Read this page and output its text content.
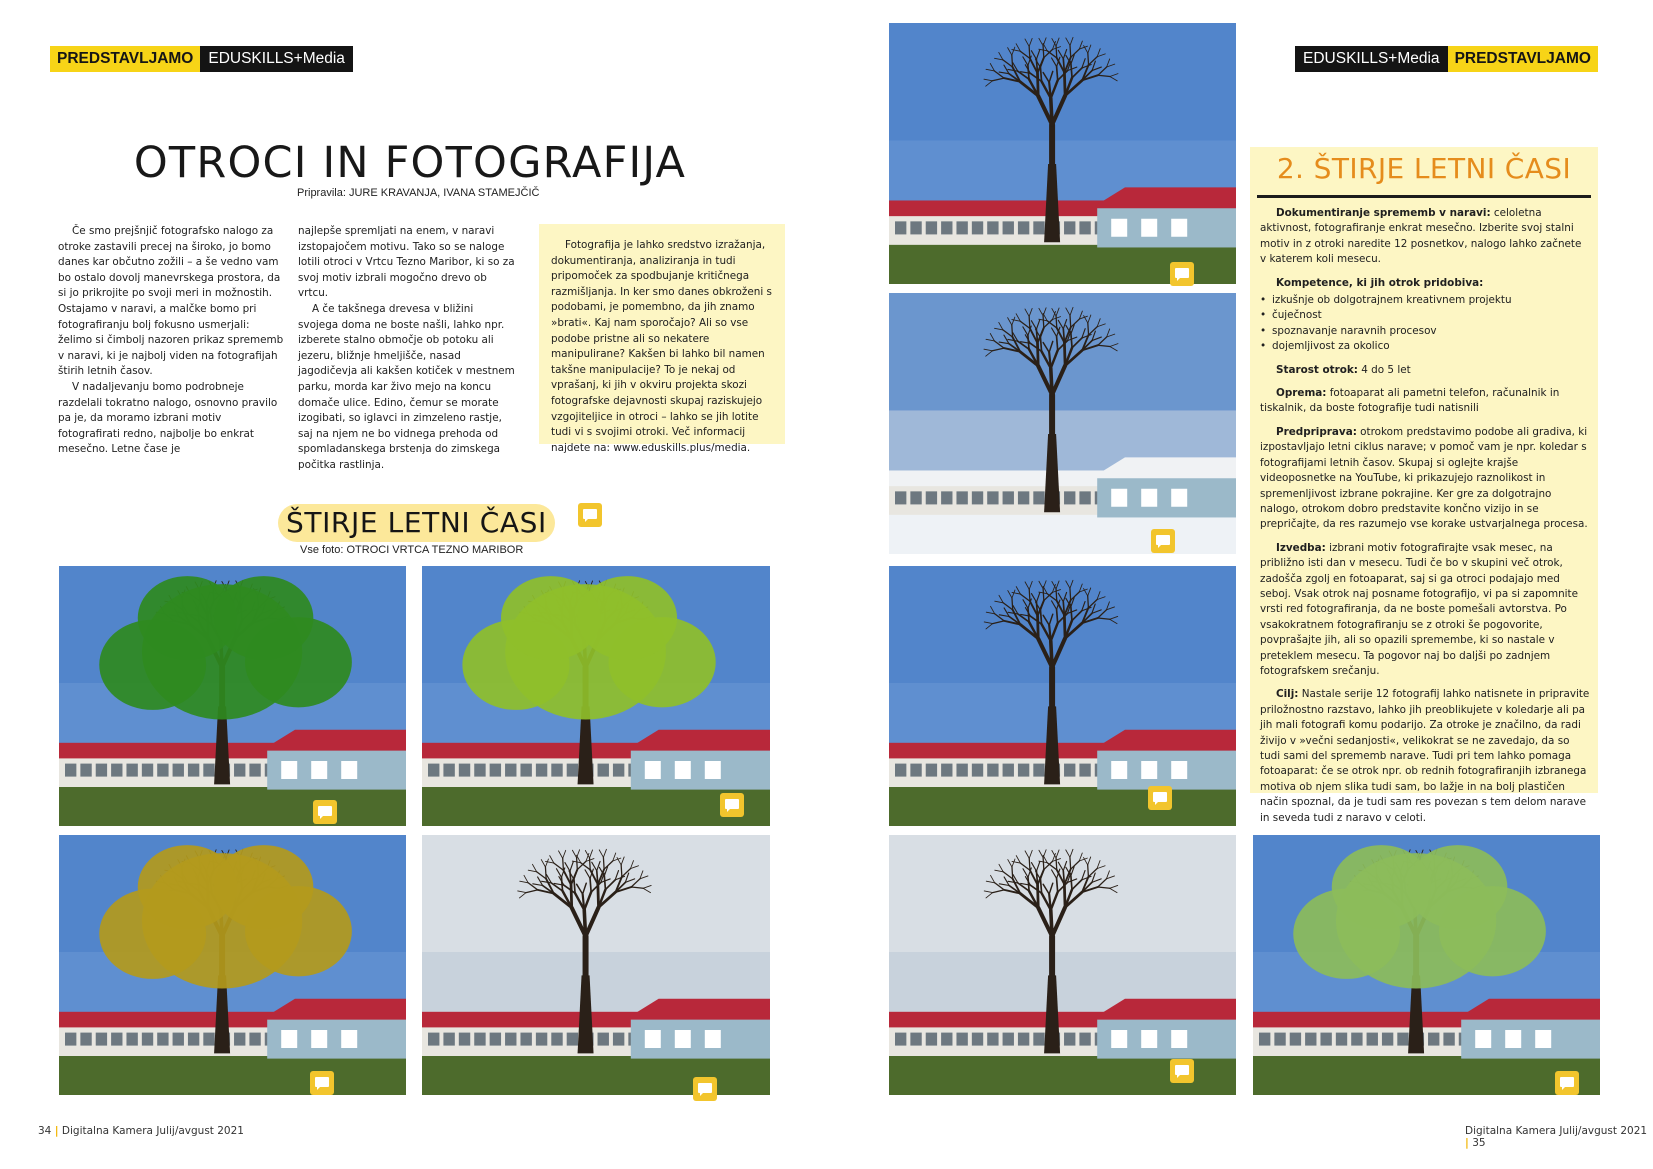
PREDSTAVLJAMO EDUSKILLS+Media
OTROCI IN FOTOGRAFIJA
Pripravila: JURE KRAVANJA, IVANA STAMEJČIČ

Če smo prejšnjič fotografsko nalogo za otroke zastavili precej na široko, jo bomo danes kar občutno zožili – a še vedno vam bo ostalo dovolj manevrskega prostora, da si jo prikrojite po svoji meri in možnostih. Ostajamo v naravi, a malčke bomo pri fotografiranju bolj fokusno usmerjali: želimo si čimbolj nazoren prikaz sprememb v naravi, ki je najbolj viden na fotografijah štirih letnih časov.

V nadaljevanju bomo podrobneje razdelali tokratno nalogo, osnovno pravilo pa je, da moramo izbrani motiv fotografirati redno, najbolje bo enkrat mesečno. Letne čase je

najlepše spremljati na enem, v naravi izstopajočem motivu. Tako so se naloge lotili otroci v Vrtcu Tezno Maribor, ki so za svoj motiv izbrali mogočno drevo ob vrtcu.

A če takšnega drevesa v bližini svojega doma ne boste našli, lahko npr. izberete stalno območje ob potoku ali jezeru, bližnje hmeljišče, nasad jagodičevja ali kakšen kotiček v mestnem parku, morda kar živo mejo na koncu domače ulice. Edino, čemur se morate izogibati, so iglavci in zimzeleno rastje, saj na njem ne bo vidnega prehoda od spomladanskega brstenja do zimskega počitka rastlinja.

Fotografija je lahko sredstvo izražanja, dokumentiranja, analiziranja in tudi pripomoček za spodbujanje kritičnega razmišljanja. In ker smo danes obkroženi s podobami, je pomembno, da jih znamo »brati«. Kaj nam sporočajo? Ali so vse podobe pristne ali so nekatere manipulirane? Kakšen bi lahko bil namen takšne manipulacije? To je nekaj od vprašanj, ki jih v okviru projekta skozi fotografske dejavnosti skupaj raziskujejo vzgojiteljice in otroci – lahko se jih lotite tudi vi s svojimi otroki. Več informacij najdete na: www.eduskills.plus/media.

ŠTIRJE LETNI ČASI
Vse foto: OTROCI VRTCA TEZNO MARIBOR
34 | Digitalna Kamera Julij/avgust 2021
EDUSKILLS+Media PREDSTAVLJAMO
2. ŠTIRJE LETNI ČASI

Dokumentiranje sprememb v naravi: celoletna aktivnost, fotografiranje enkrat mesečno. Izberite svoj stalni motiv in z otroki naredite 12 posnetkov, nalogo lahko začnete v katerem koli mesecu.

Kompetence, ki jih otrok pridobiva:
• izkušnje ob dolgotrajnem kreativnem projektu
• čuječnost
• spoznavanje naravnih procesov
• dojemljivost za okolico

Starost otrok: 4 do 5 let

Oprema: fotoaparat ali pametni telefon, računalnik in tiskalnik, da boste fotografije tudi natisnili

Predpriprava: otrokom predstavimo podobe ali gradiva, ki izpostavljajo letni ciklus narave; v pomoč vam je npr. koledar s fotografijami letnih časov. Skupaj si oglejte krajše videoposnetke na YouTube, ki prikazujejo raznolikost in spremenljivost izbrane pokrajine. Ker gre za dolgotrajno nalogo, otrokom dobro predstavite končno vizijo in se prepričajte, da res razumejo vse korake ustvarjalnega procesa.

Izvedba: izbrani motiv fotografirajte vsak mesec, na približno isti dan v mesecu. Tudi če bo v skupini več otrok, zadošča zgolj en fotoaparat, saj si ga otroci podajajo med seboj. Vsak otrok naj posname fotografijo, vi pa si zapomnite vrsti red fotografiranja, da ne boste pomešali avtorstva. Po vsakokratnem fotografiranju se z otroki še pogovorite, povprašajte jih, ali so opazili spremembe, ki so nastale v preteklem mesecu. Ta pogovor naj bo dalјši po zadnjem fotografskem srečanju.

Cilj: Nastale serije 12 fotografij lahko natisnete in pripravite priložnostno razstavo, lahko jih preoblikujete v koledarje ali pa jih mali fotografi komu podarijo. Za otroke je značilno, da radi živijo v »večni sedanjosti«, velikokrat se ne zavedajo, da so tudi sami del sprememb narave. Tudi pri tem lahko pomaga fotoaparat: če se otrok npr. ob rednih fotografiranjih izbranega motiva ob njem slika tudi sam, bo lažje in na bolj plastičen način spoznal, da je tudi sam res povezan s tem delom narave in seveda tudi z naravo v celoti.

Digitalna Kamera Julij/avgust 2021 | 35
